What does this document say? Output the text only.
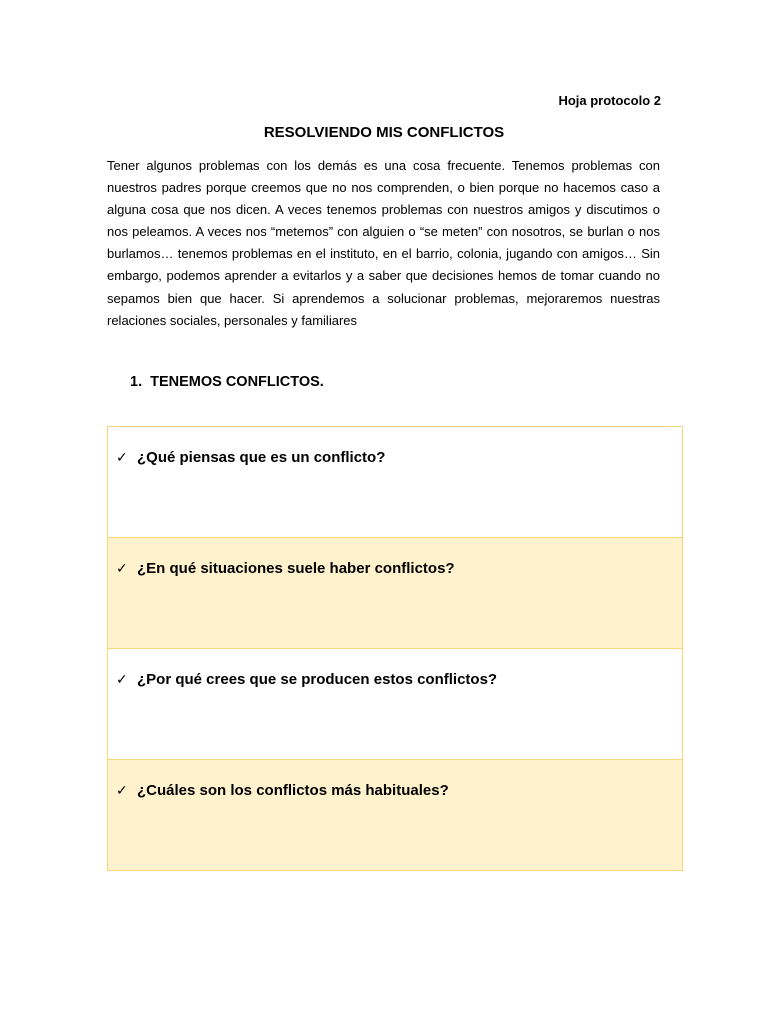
Hoja protocolo 2

RESOLVIENDO MIS CONFLICTOS

Tener algunos problemas con los demás es una cosa frecuente. Tenemos problemas con nuestros padres porque creemos que no nos comprenden, o bien porque no hacemos caso a alguna cosa que nos dicen. A veces tenemos problemas con nuestros amigos y discutimos o nos peleamos. A veces nos “metemos” con alguien o “se meten” con nosotros, se burlan o nos burlamos… tenemos problemas en el instituto, en el barrio, colonia, jugando con amigos… Sin embargo, podemos aprender a evitarlos y a saber que decisiones hemos de tomar cuando no sepamos bien que hacer. Si aprendemos a solucionar problemas, mejoraremos nuestras relaciones sociales, personales y familiares

1. TENEMOS CONFLICTOS.
✓ ¿Qué piensas que es un conflicto?
✓ ¿En qué situaciones suele haber conflictos?
✓ ¿Por qué crees que se producen estos conflictos?
✓ ¿Cuáles son los conflictos más habituales?
